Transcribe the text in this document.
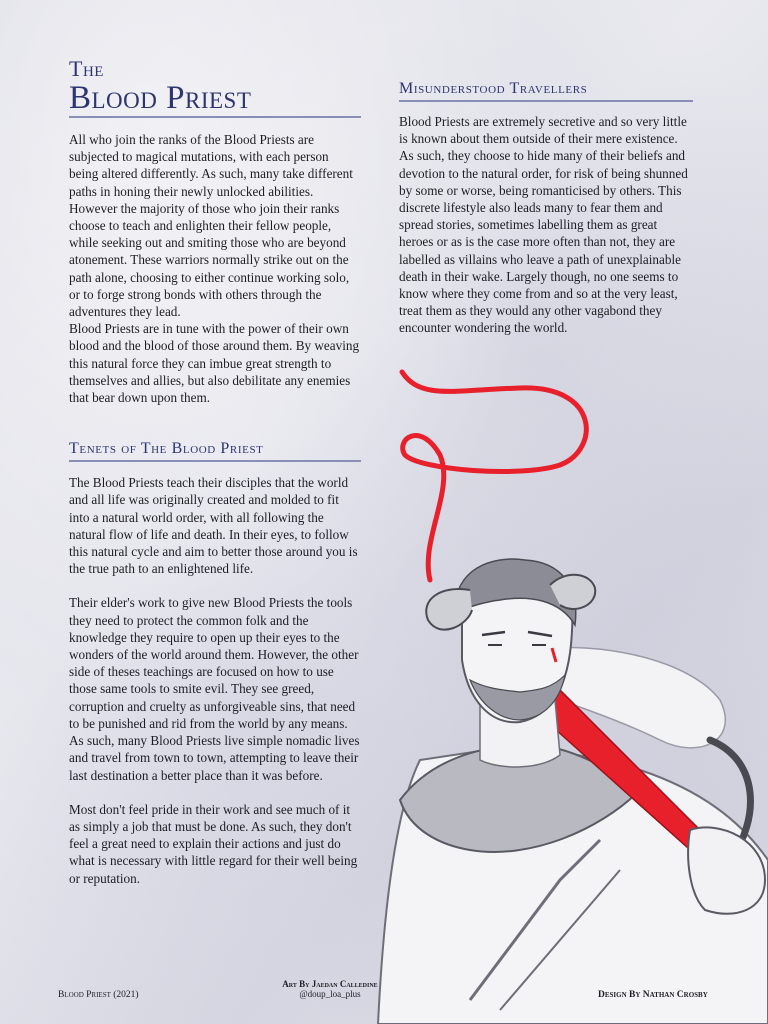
The
Blood Priest

All who join the ranks of the Blood Priests are subjected to magical mutations, with each person being altered differently. As such, many take different paths in honing their newly unlocked abilities. However the majority of those who join their ranks choose to teach and enlighten their fellow people, while seeking out and smiting those who are beyond atonement. These warriors normally strike out on the path alone, choosing to either continue working solo, or to forge strong bonds with others through the adventures they lead.

Blood Priests are in tune with the power of their own blood and the blood of those around them. By weaving this natural force they can imbue great strength to themselves and allies, but also debilitate any enemies that bear down upon them.

Tenets of The Blood Priest

The Blood Priests teach their disciples that the world and all life was originally created and molded to fit into a natural world order, with all following the natural flow of life and death. In their eyes, to follow this natural cycle and aim to better those around you is the true path to an enlightened life.

Their elder's work to give new Blood Priests the tools they need to protect the common folk and the knowledge they require to open up their eyes to the wonders of the world around them. However, the other side of theses teachings are focused on how to use those same tools to smite evil. They see greed, corruption and cruelty as unforgiveable sins, that need to be punished and rid from the world by any means. As such, many Blood Priests live simple nomadic lives and travel from town to town, attempting to leave their last destination a better place than it was before.

Most don't feel pride in their work and see much of it as simply a job that must be done. As such, they don't feel a great need to explain their actions and just do what is necessary with little regard for their well being or reputation.

Misunderstood Travellers

Blood Priests are extremely secretive and so very little is known about them outside of their mere existence. As such, they choose to hide many of their beliefs and devotion to the natural order, for risk of being shunned by some or worse, being romanticised by others. This discrete lifestyle also leads many to fear them and spread stories, sometimes labelling them as great heroes or as is the case more often than not, they are labelled as villains who leave a path of unexplainable death in their wake. Largely though, no one seems to know where they come from and so at the very least, treat them as they would any other vagabond they encounter wondering the world.

Art By Jaedan Calledine
@doup_loa_plus
Blood Priest (2021)	Design By Nathan Crosby
